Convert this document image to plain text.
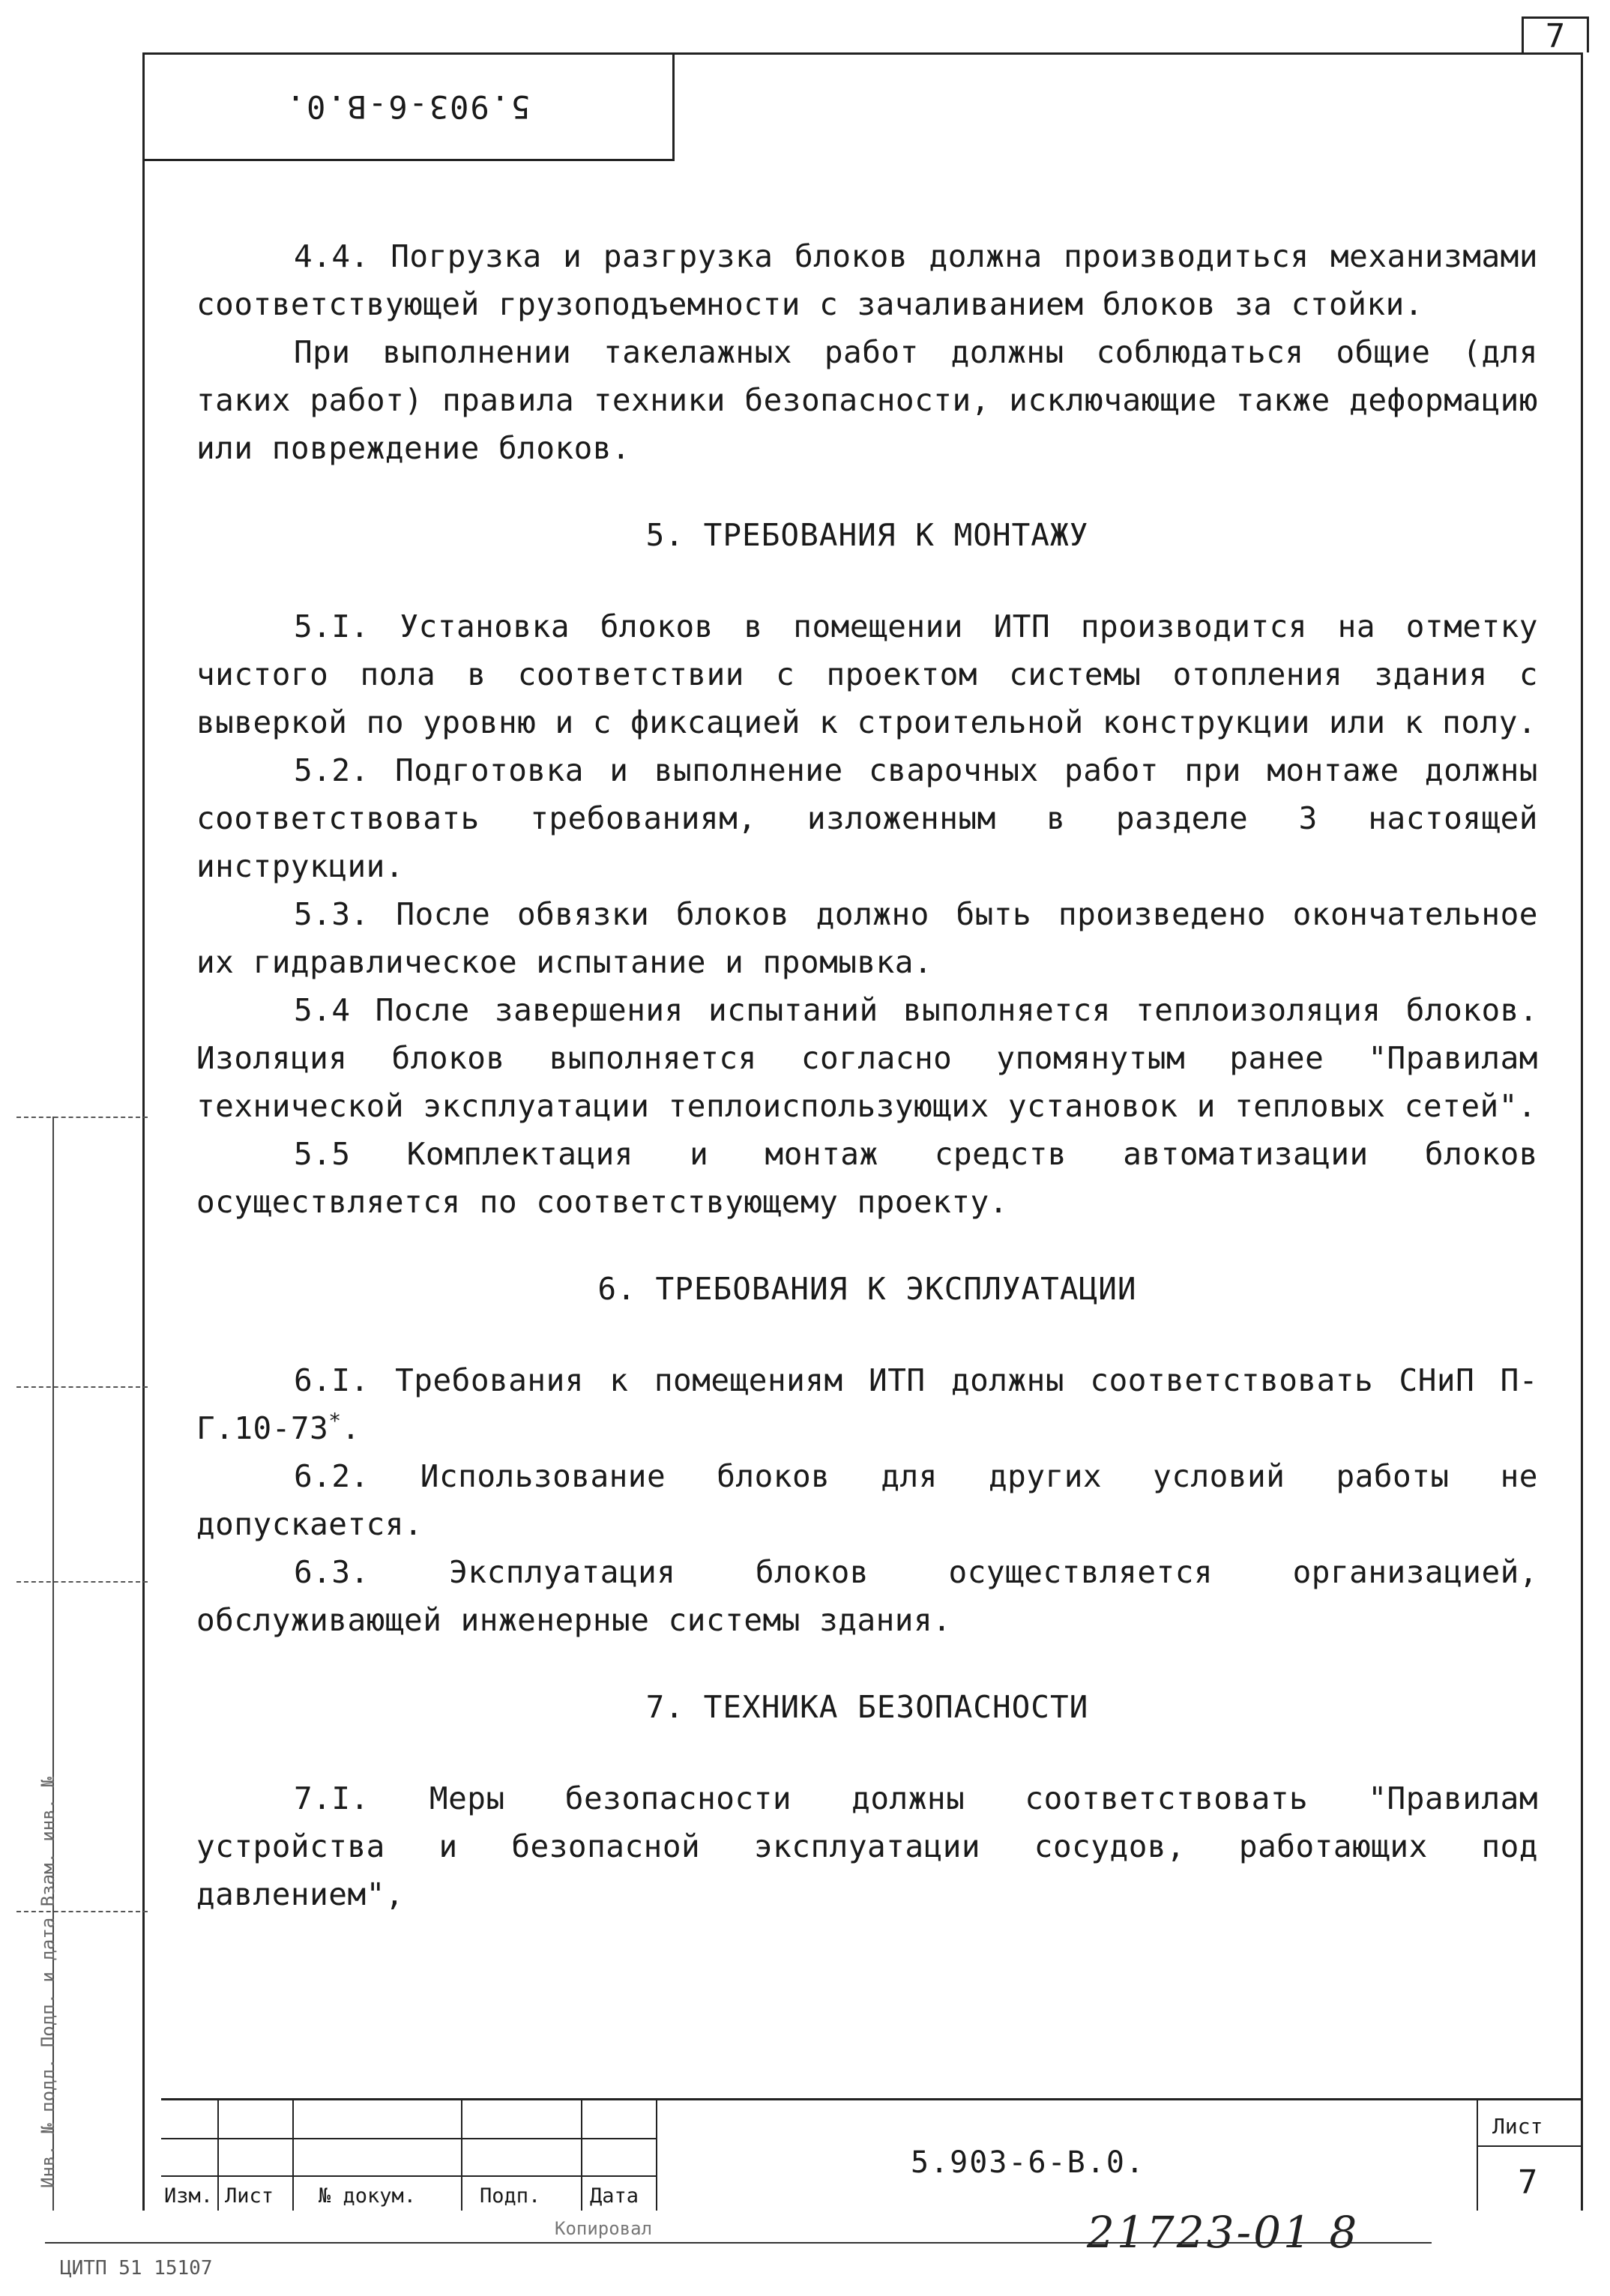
7
5.903-6-В.0.

4.4. Погрузка и разгрузка блоков должна производиться механизмами соответствующей грузоподъемности с зачаливанием блоков за стойки.

При выполнении такелажных работ должны соблюдаться общие (для таких работ) правила техники безопасности, исключающие также деформацию или повреждение блоков.

5. ТРЕБОВАНИЯ К МОНТАЖУ

5.I. Установка блоков в помещении ИТП производится на отметку чистого пола в соответствии с проектом системы отопления здания с выверкой по уровню и с фиксацией к строительной конструкции или к полу.

5.2. Подготовка и выполнение сварочных работ при монтаже должны соответствовать требованиям, изложенным в разделе 3 настоящей инструкции.

5.3. После обвязки блоков должно быть произведено окончательное их гидравлическое испытание и промывка.

5.4 После завершения испытаний выполняется теплоизоляция блоков. Изоляция блоков выполняется согласно упомянутым ранее "Правилам технической эксплуатации теплоиспользующих установок и тепловых сетей".

5.5 Комплектация и монтаж средств автоматизации блоков осуществляется по соответствующему проекту.

6. ТРЕБОВАНИЯ К ЭКСПЛУАТАЦИИ

6.I. Требования к помещениям ИТП должны соответствовать СНиП П-Г.10-73*.

6.2. Использование блоков для других условий работы не допускается.

6.3. Эксплуатация блоков осуществляется организацией, обслуживающей инженерные системы здания.

7. ТЕХНИКА БЕЗОПАСНОСТИ

7.I. Меры безопасности должны соответствовать "Правилам устройства и безопасной эксплуатации сосудов, работающих под давлением",

Изм. Лист № докум.	Подп. Дата
5.903-6-В.0.
Лист
7
Инв. № подл. Подп. и дата Взам. инв. №
Копировал	21723-01 8
ЦИТП 51 15107
